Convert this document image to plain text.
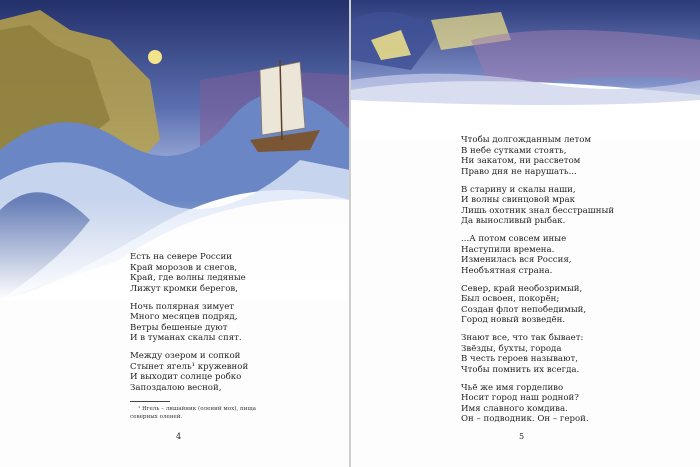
Есть на севере России
Край морозов и снегов,
Край, где волны ледяные
Лижут кромки берегов,
Ночь полярная зимует
Много месяцев подряд,
Ветры бешеные дуют
И в туманах скалы спят.
Между озером и сопкой
Стынет ягель¹ кружевной
И выходит солнце робко
Запоздалою весной,
¹ Ягель – лишайник (олений мох), пища северных оленей.
4
Чтобы долгожданным летом
В небе сутками стоять,
Ни закатом, ни рассветом
Право дня не нарушать...
В старину и скалы наши,
И волны свинцовой мрак
Лишь охотник знал бесстрашный
Да выносливый рыбак.
...А потом совсем иные
Наступили времена.
Изменилась вся Россия,
Необъятная страна.
Север, край необозримый,
Был освоен, покорён;
Создан флот непобедимый,
Город новый возведён.
Знают все, что так бывает:
Звёзды, бухты, города
В честь героев называют,
Чтобы помнить их всегда.
Чьё же имя горделиво
Носит город наш родной?
Имя славного комдива.
Он – подводник. Он – герой.
5
